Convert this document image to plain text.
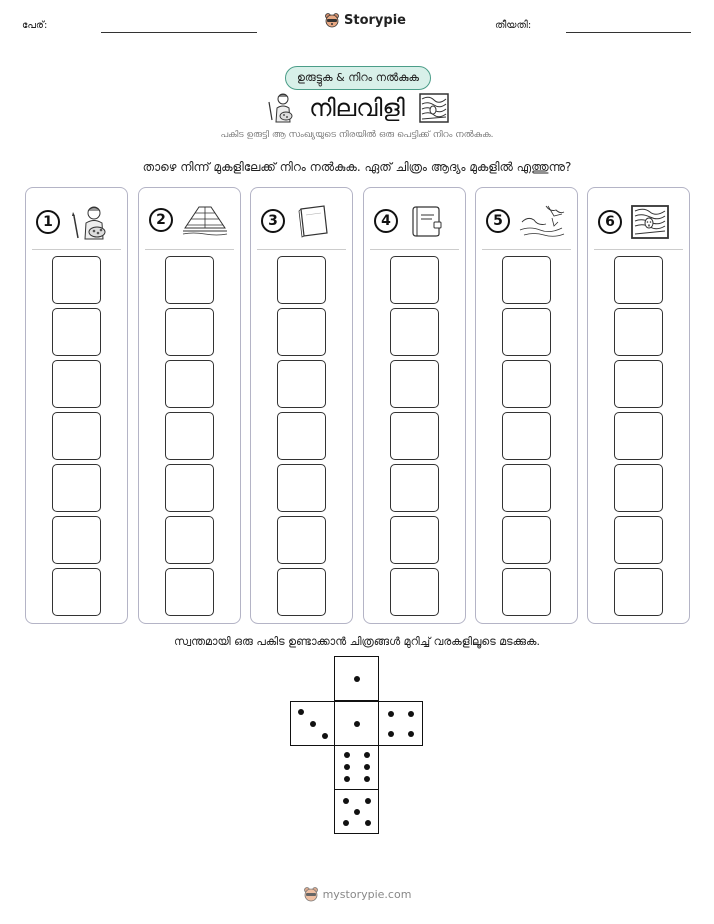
പേര്:	Storypie	തീയതി:
ഉരുട്ടുക & നിറം നൽകുക
നിലവിളി
പകിട ഉരുട്ടി ആ സംഖ്യയുടെ നിരയിൽ ഒരു പെട്ടിക്ക് നിറം നൽകുക.
താഴെ നിന്ന് മുകളിലേക്ക് നിറം നൽകുക. ഏത് ചിത്രം ആദ്യം മുകളിൽ എത്തുന്നു?
1	2	3	4	5	6
സ്വന്തമായി ഒരു പകിട ഉണ്ടാക്കാൻ ചിത്രങ്ങൾ മുറിച്ച് വരകളിലൂടെ മടക്കുക.
mystorypie.com
